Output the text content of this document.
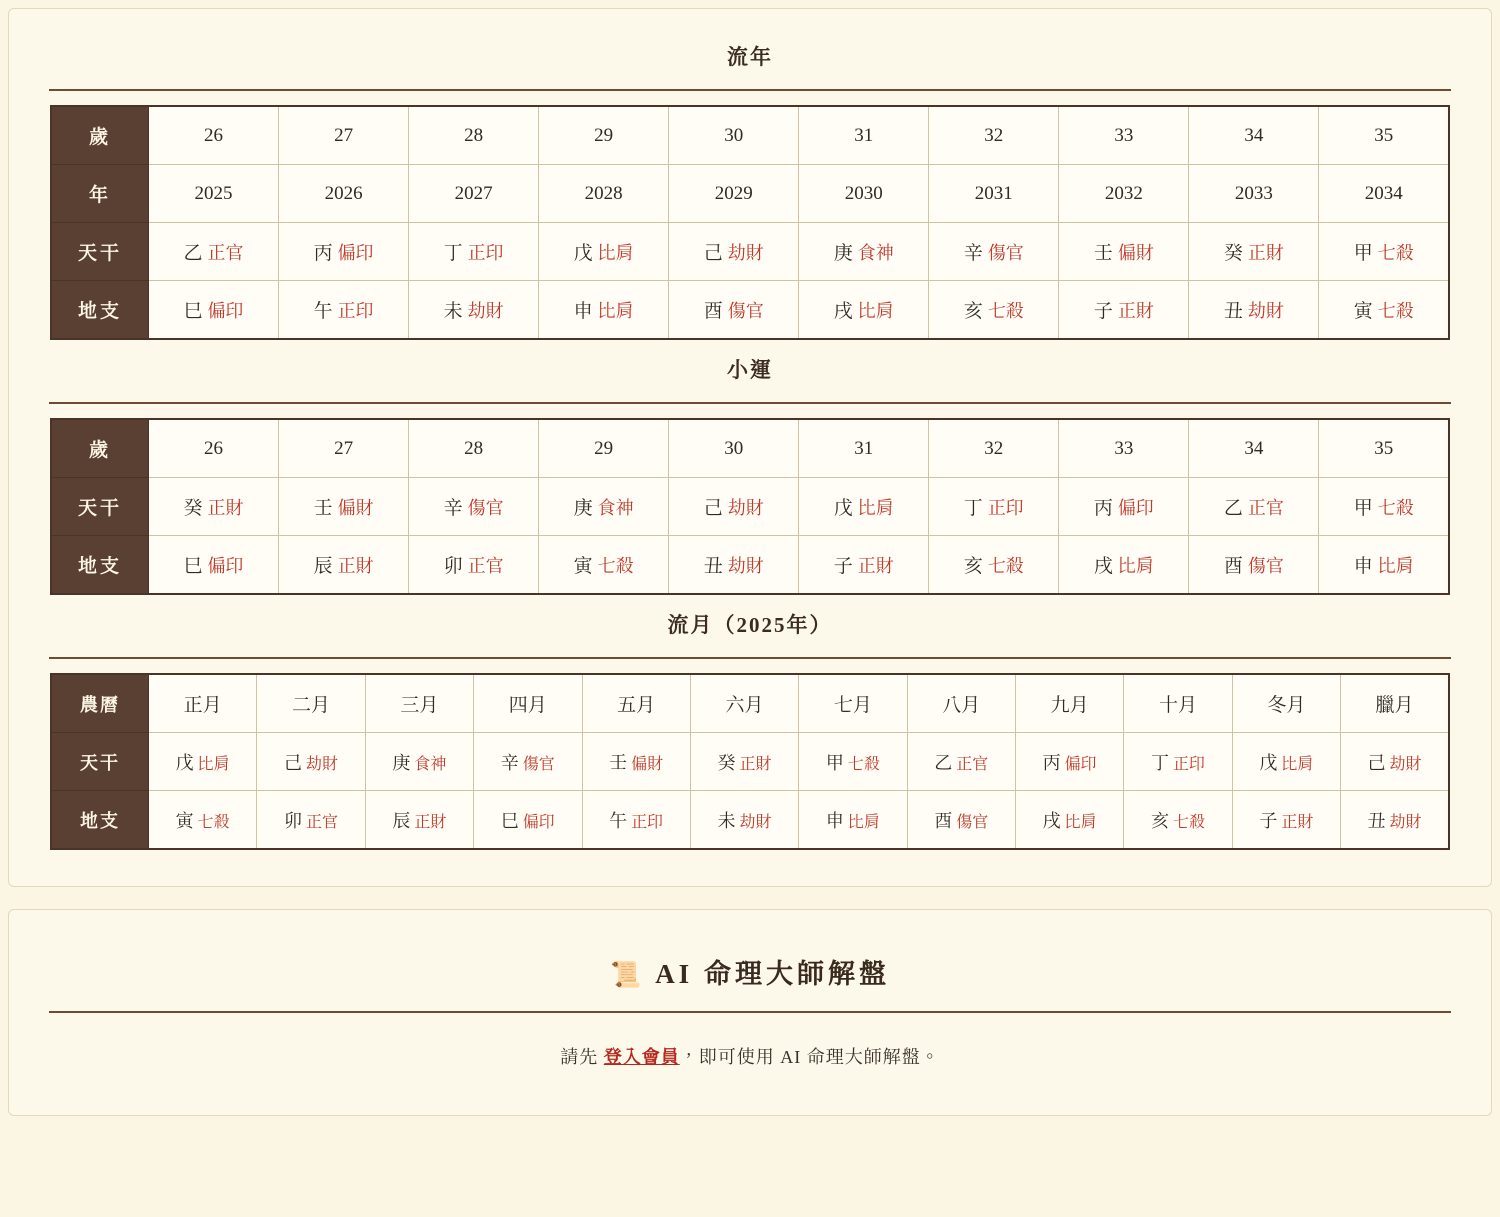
流年
歲	26	27	28	29	30	31	32	33	34	35
年	2025	2026	2027	2028	2029	2030	2031	2032	2033	2034
天干	乙 正官	丙 偏印	丁 正印	戊 比肩	己 劫財	庚 食神	辛 傷官	壬 偏財	癸 正財	甲 七殺
地支	巳 偏印	午 正印	未 劫財	申 比肩	酉 傷官	戌 比肩	亥 七殺	子 正財	丑 劫財	寅 七殺
小運
歲	26	27	28	29	30	31	32	33	34	35
天干	癸 正財	壬 偏財	辛 傷官	庚 食神	己 劫財	戊 比肩	丁 正印	丙 偏印	乙 正官	甲 七殺
地支	巳 偏印	辰 正財	卯 正官	寅 七殺	丑 劫財	子 正財	亥 七殺	戌 比肩	酉 傷官	申 比肩
流月（2025年）
農曆	正月	二月	三月	四月	五月	六月	七月	八月	九月	十月	冬月	臘月
天干	戊 比肩	己 劫財	庚 食神	辛 傷官	壬 偏財	癸 正財	甲 七殺	乙 正官	丙 偏印	丁 正印	戊 比肩	己 劫財
地支	寅 七殺	卯 正官	辰 正財	巳 偏印	午 正印	未 劫財	申 比肩	酉 傷官	戌 比肩	亥 七殺	子 正財	丑 劫財
📜 AI 命理大師解盤
請先 登入會員，即可使用 AI 命理大師解盤。
